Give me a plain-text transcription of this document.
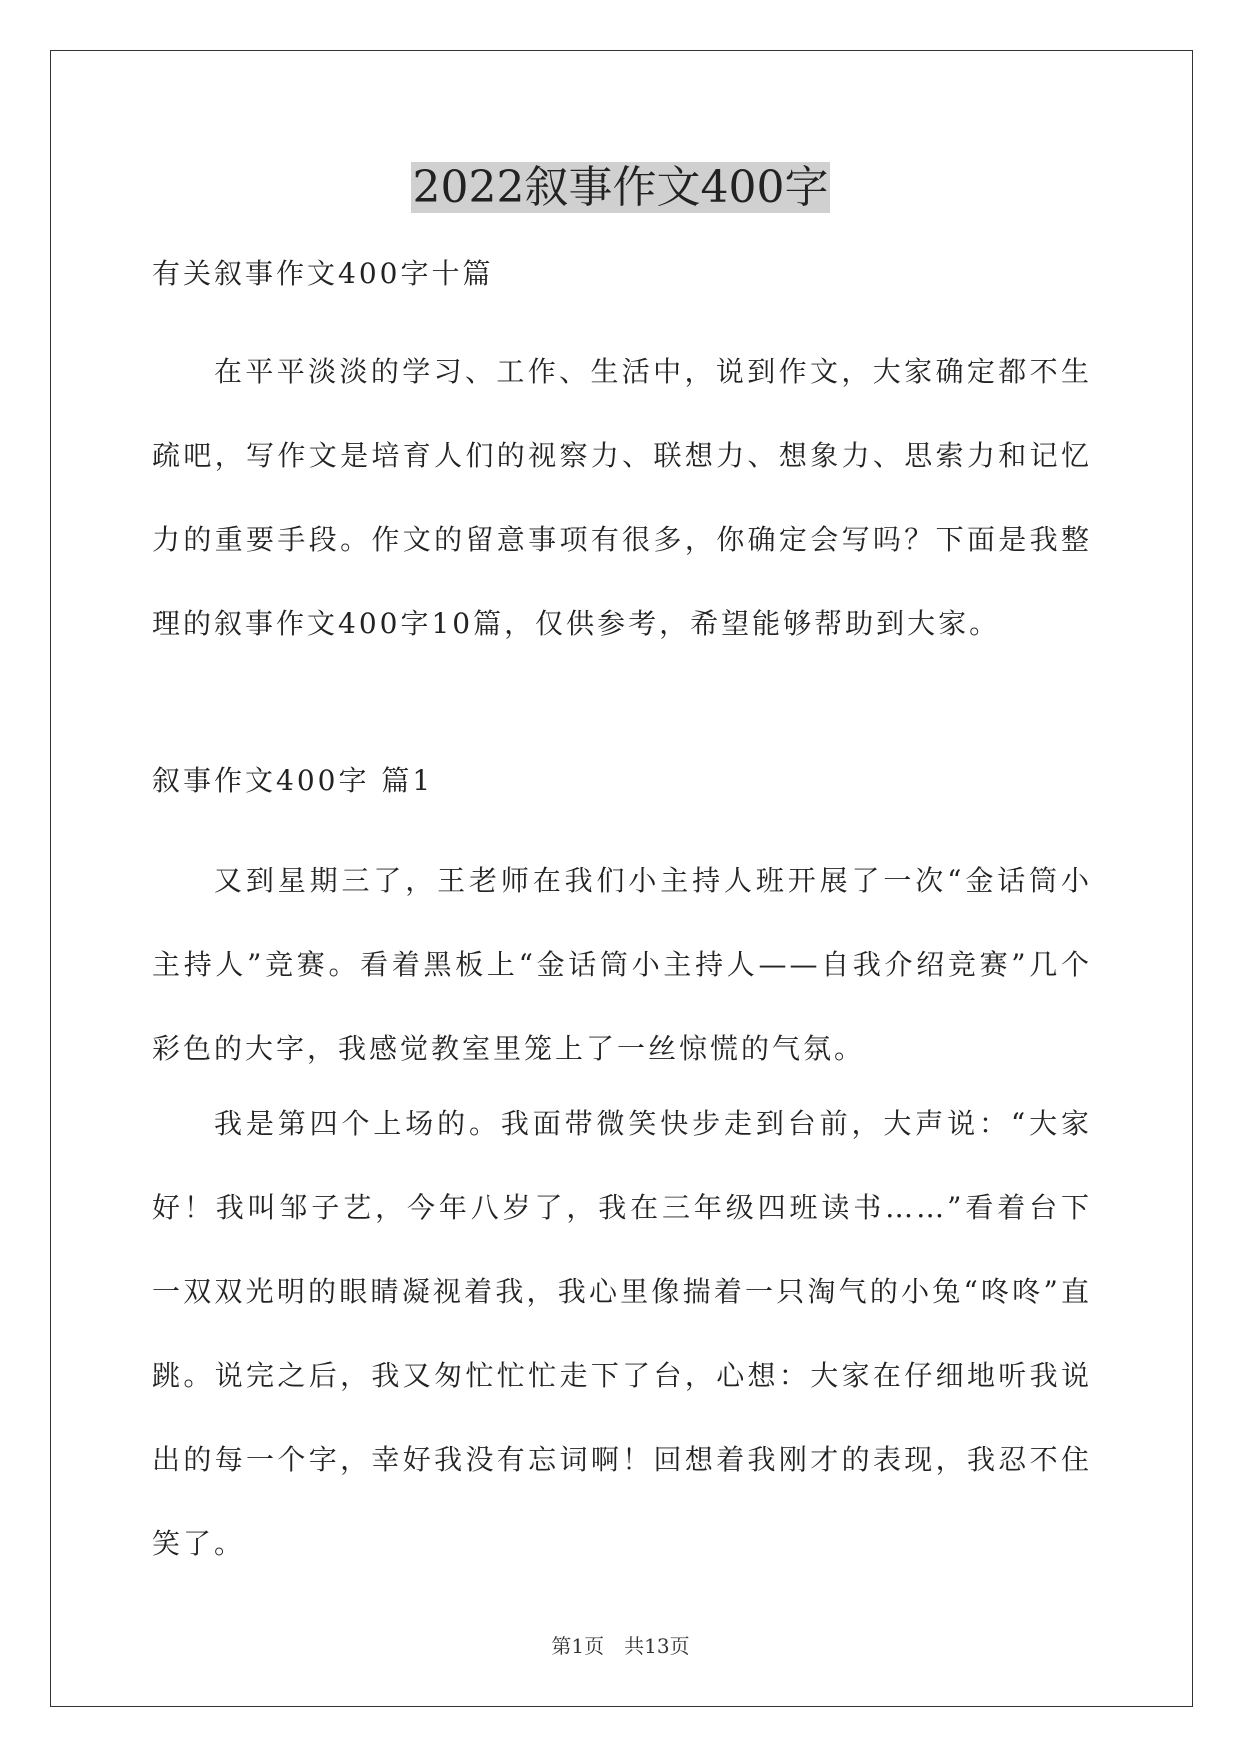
2022叙事作文400字

有关叙事作文400字十篇

在平平淡淡的学习、工作、生活中，说到作文，大家确定都不生疏吧，写作文是培育人们的视察力、联想力、想象力、思索力和记忆力的重要手段。作文的留意事项有很多，你确定会写吗？下面是我整理的叙事作文400字10篇，仅供参考，希望能够帮助到大家。

叙事作文400字 篇1

又到星期三了，王老师在我们小主持人班开展了一次“金话筒小主持人”竞赛。看着黑板上“金话筒小主持人——自我介绍竞赛”几个彩色的大字，我感觉教室里笼上了一丝惊慌的气氛。

我是第四个上场的。我面带微笑快步走到台前，大声说：“大家好！我叫邹子艺，今年八岁了，我在三年级四班读书……”看着台下一双双光明的眼睛凝视着我，我心里像揣着一只淘气的小兔“咚咚”直跳。说完之后，我又匆忙忙忙走下了台，心想：大家在仔细地听我说出的每一个字，幸好我没有忘词啊！回想着我刚才的表现，我忍不住笑了。

第1页　共13页
